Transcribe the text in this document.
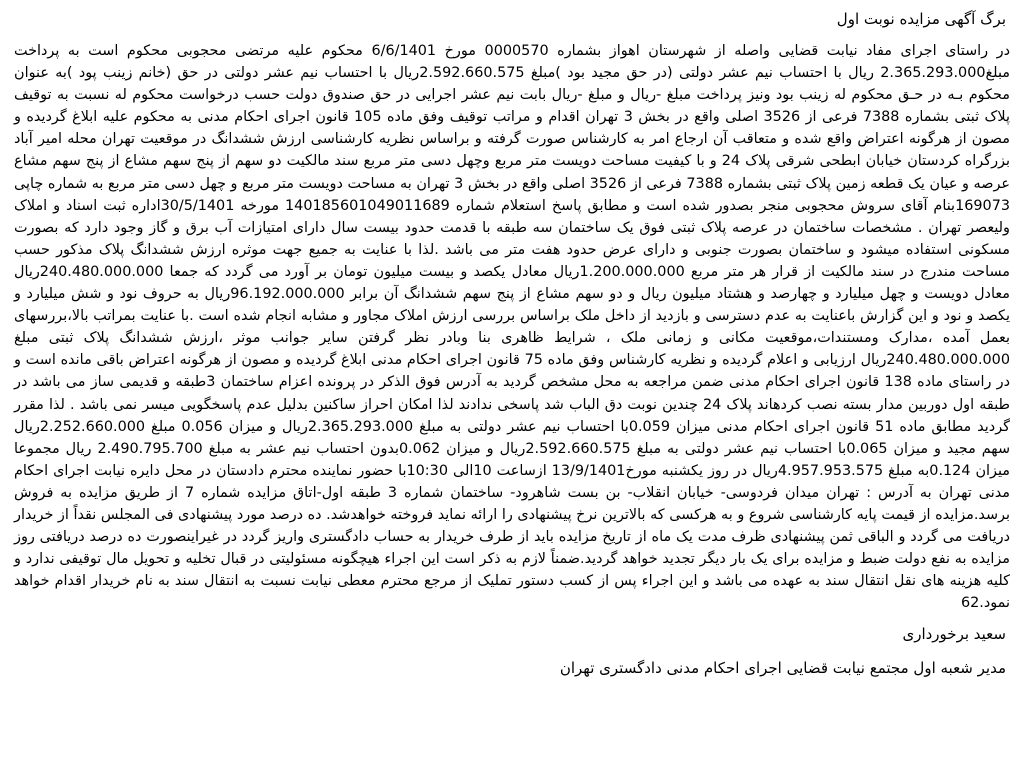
برگ آگهی مزایده نوبت اول

در راستای اجرای مفاد نیابت قضایی واصله از شهرستان اهواز بشماره 0000570 مورخ 6/6/1401 محکوم علیه مرتضی محجوبی محکوم است به پرداخت مبلغ2.365.293.000 ریال با احتساب نیم عشر دولتی (در حق مجید بود )مبلغ 2.592.660.575ریال با احتساب نیم عشر دولتی در حق (خانم زینب پود )به عنوان محکوم بـه در حـق محکوم له زینب بود ونیز پرداخت مبلغ -ریال و مبلغ -ریال بابت نیم عشر اجرایی در حق صندوق دولت حسب درخواست محکوم له نسبت به توقیف پلاک ثبتی بشماره 7388 فرعی از 3526 اصلی واقع در بخش 3 تهران اقدام و مراتب توقیف وفق ماده 105 قانون اجرای احکام مدنی به محکوم علیه ابلاغ گردیده و مصون از هرگونه اعتراض واقع شده و متعاقب آن ارجاع امر به کارشناس صورت گرفته و براساس نظریه کارشناسی ارزش ششدانگ در موقعیت تهران محله امیر آباد بزرگراه کردستان خیابان ابطحی شرقی پلاک 24 و با کیفیت مساحت دویست متر مربع وچهل دسی متر مربع سند مالکیت دو سهم از پنج سهم مشاع از پنج سهم مشاع عرصه و عیان یک قطعه زمین پلاک ثبتی بشماره 7388 فرعی از 3526 اصلی واقع در بخش 3 تهران به مساحت دویست متر مربع و چهل دسی متر مربع به شماره چاپی 169073بنام آقای سروش محجوبی منجر بصدور شده است و مطابق پاسخ استعلام شماره 140185601049011689 مورخه 30/5/1401اداره ثبت اسناد و املاک ولیعصر تهران . مشخصات ساختمان در عرصه پلاک ثبتی فوق یک ساختمان سه طبقه با قدمت حدود بیست سال دارای امتیازات آب برق و گاز وجود دارد که بصورت مسکونی استفاده میشود و ساختمان بصورت جنوبی و دارای عرض حدود هفت متر می باشد .لذا با عنایت به جمیع جهت موثره ارزش ششدانگ پلاک مذکور حسب مساحت مندرج در سند مالکیت از قرار هر متر مربع 1.200.000.000ریال معادل یکصد و بیست میلیون تومان بر آورد می گردد که جمعا 240.480.000.000ریال معادل دویست و چهل میلیارد و چهارصد و هشتاد میلیون ریال و دو سهم مشاع از پنج سهم ششدانگ آن برابر 96.192.000.000ریال به حروف نود و شش میلیارد و یکصد و نود و این گزارش باعنایت به عدم دسترسی و بازدید از داخل ملک براساس بررسی ارزش املاک مجاور و مشابه انجام شده است .با عنایت بمراتب بالا،بررسهای بعمل آمده ،مدارک ومستندات،موقعیت مکانی و زمانی ملک ، شرایط ظاهری بنا وبادر نظر گرفتن سایر جوانب موثر ،ارزش ششدانگ پلاک ثبتی مبلغ 240.480.000.000ریال ارزیابی و اعلام گردیده و نظریه کارشناس وفق ماده 75 قانون اجرای احکام مدنی ابلاغ گردیده و مصون از هرگونه اعتراض باقی مانده است و در راستای ماده 138 قانون اجرای احکام مدنی ضمن مراجعه به محل مشخص گردید به آدرس فوق الذکر در پرونده اعزام ساختمان 3طبقه و قدیمی ساز می باشد در طبقه اول دوربین مدار بسته نصب کردهاند پلاک 24 چندین نوبت دق الباب شد پاسخی ندادند لذا امکان احراز ساکنین بدلیل عدم پاسخگویی میسر نمی باشد . لذا مقرر گردید مطابق ماده 51 قانون اجرای احکام مدنی میزان 0.059با احتساب نیم عشر دولتی به مبلغ 2.365.293.000ریال و میزان 0.056 مبلغ 2.252.660.000ریال سهم مجید و میزان 0.065با احتساب نیم عشر دولتی به مبلغ 2.592.660.575ریال و میزان 0.062بدون احتساب نیم عشر به مبلغ 2.490.795.700 ریال مجموعا میزان 0.124به مبلغ 4.957.953.575ریال در روز یکشنبه مورخ13/9/1401 ازساعت 10الی 10:30با حضور نماینده محترم دادستان در محل دایره نیابت اجرای احکام مدنی تهران به آدرس : تهران میدان فردوسی- خیابان انقلاب- بن بست شاهرود- ساختمان شماره 3 طبقه اول-اتاق مزایده شماره 7 از طریق مزایده به فروش برسد.مزایده از قیمت پایه کارشناسی شروع و به هرکسی که بالاترین نرخ پیشنهادی را ارائه نماید فروخته خواهدشد. ده درصد مورد پیشنهادی فی المجلس نقداً از خریدار دریافت می گردد و الباقی ثمن پیشنهادی ظرف مدت یک ماه از تاریخ مزایده باید از طرف خریدار به حساب دادگستری واریز گردد در غیراینصورت ده درصد دریافتی روز مزایده به نفع دولت ضبط و مزایده برای یک بار دیگر تجدید خواهد گردید.ضمناً لازم به ذکر است این اجراء هیچگونه مسئولیتی در قبال تخلیه و تحویل مال توقیفی ندارد و کلیه هزینه های نقل انتقال سند به عهده می باشد و این اجراء پس از کسب دستور تملیک از مرجع محترم معطی نیابت نسبت به انتقال سند به نام خریدار اقدام خواهد نمود.62

سعید برخورداری
مدیر شعبه اول مجتمع نیابت قضایی اجرای احکام مدنی دادگستری تهران
